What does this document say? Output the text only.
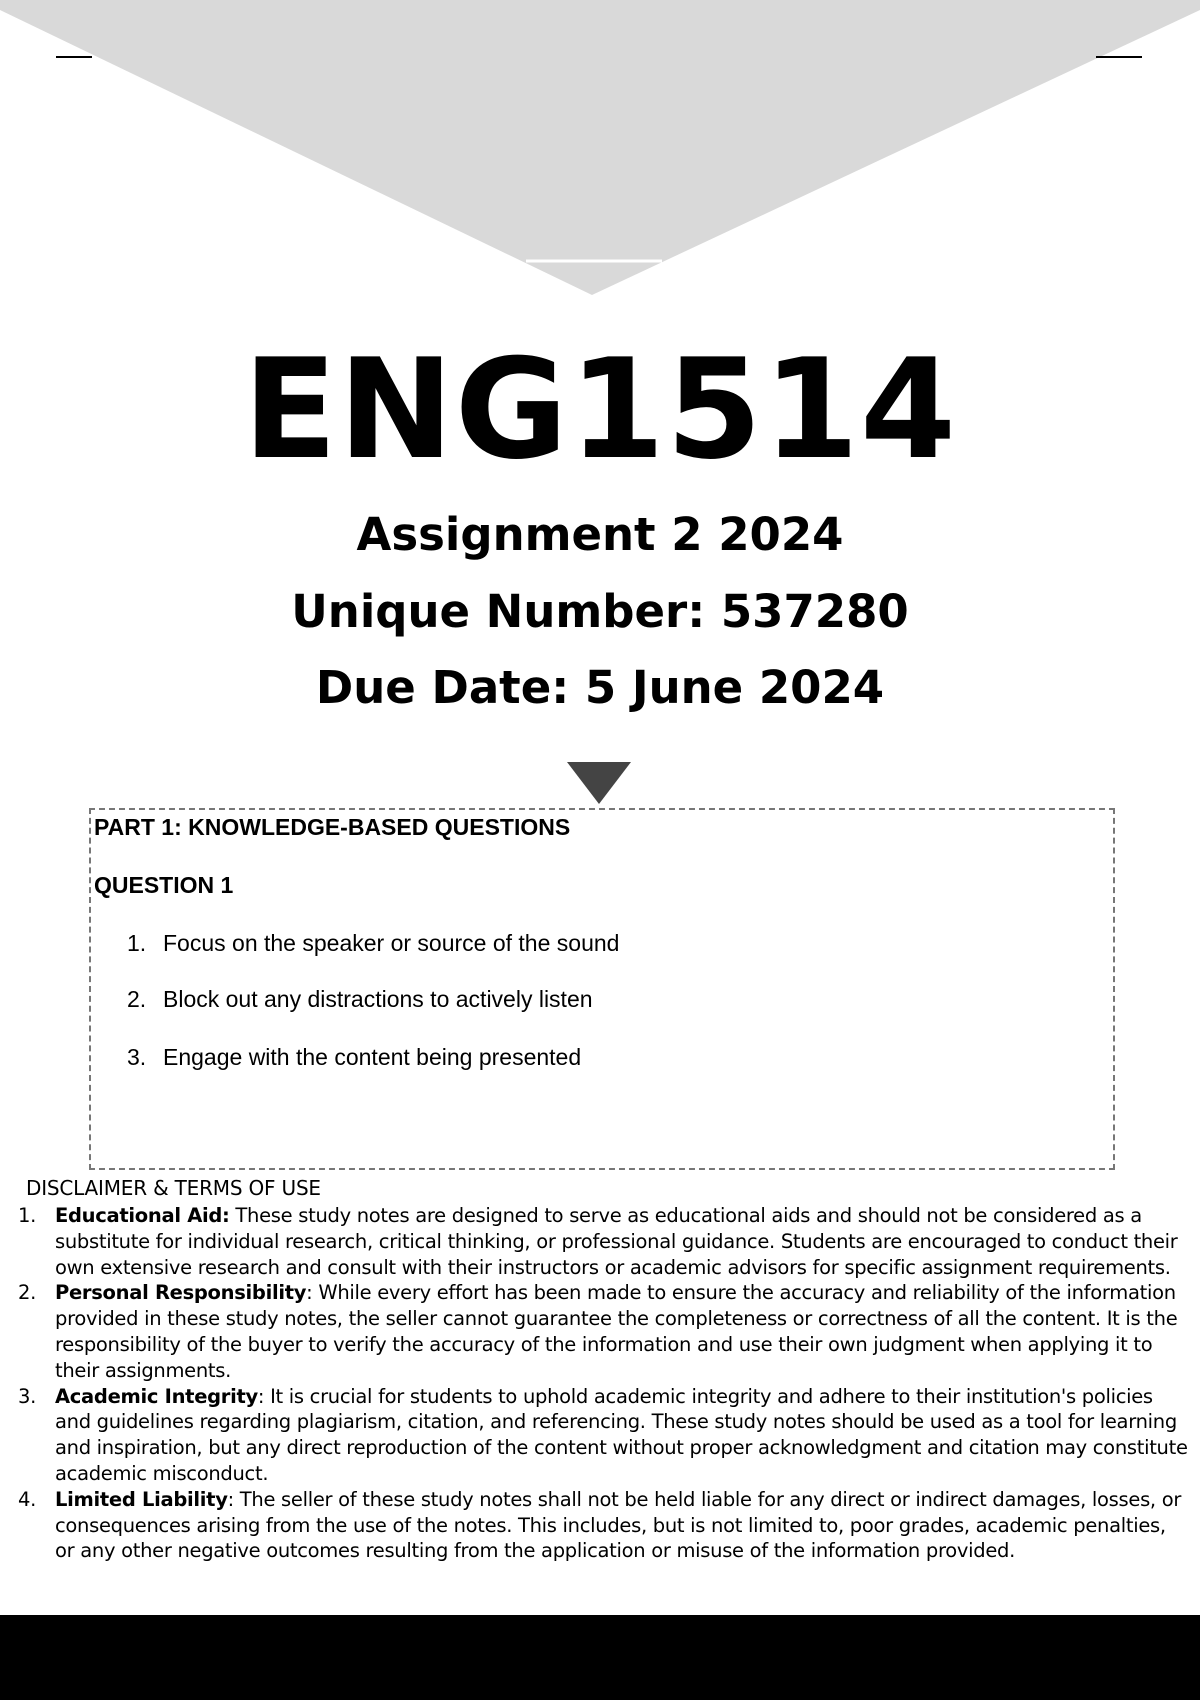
ENG1514
Assignment 2 2024
Unique Number: 537280
Due Date: 5 June 2024
PART 1: KNOWLEDGE-BASED QUESTIONS
QUESTION 1
1. Focus on the speaker or source of the sound
2. Block out any distractions to actively listen
3. Engage with the content being presented
DISCLAIMER & TERMS OF USE
1. Educational Aid: These study notes are designed to serve as educational aids and should not be considered as a substitute for individual research, critical thinking, or professional guidance. Students are encouraged to conduct their own extensive research and consult with their instructors or academic advisors for specific assignment requirements.
2. Personal Responsibility: While every effort has been made to ensure the accuracy and reliability of the information provided in these study notes, the seller cannot guarantee the completeness or correctness of all the content. It is the responsibility of the buyer to verify the accuracy of the information and use their own judgment when applying it to their assignments.
3. Academic Integrity: It is crucial for students to uphold academic integrity and adhere to their institution's policies and guidelines regarding plagiarism, citation, and referencing. These study notes should be used as a tool for learning and inspiration, but any direct reproduction of the content without proper acknowledgment and citation may constitute academic misconduct.
4. Limited Liability: The seller of these study notes shall not be held liable for any direct or indirect damages, losses, or consequences arising from the use of the notes. This includes, but is not limited to, poor grades, academic penalties, or any other negative outcomes resulting from the application or misuse of the information provided.
